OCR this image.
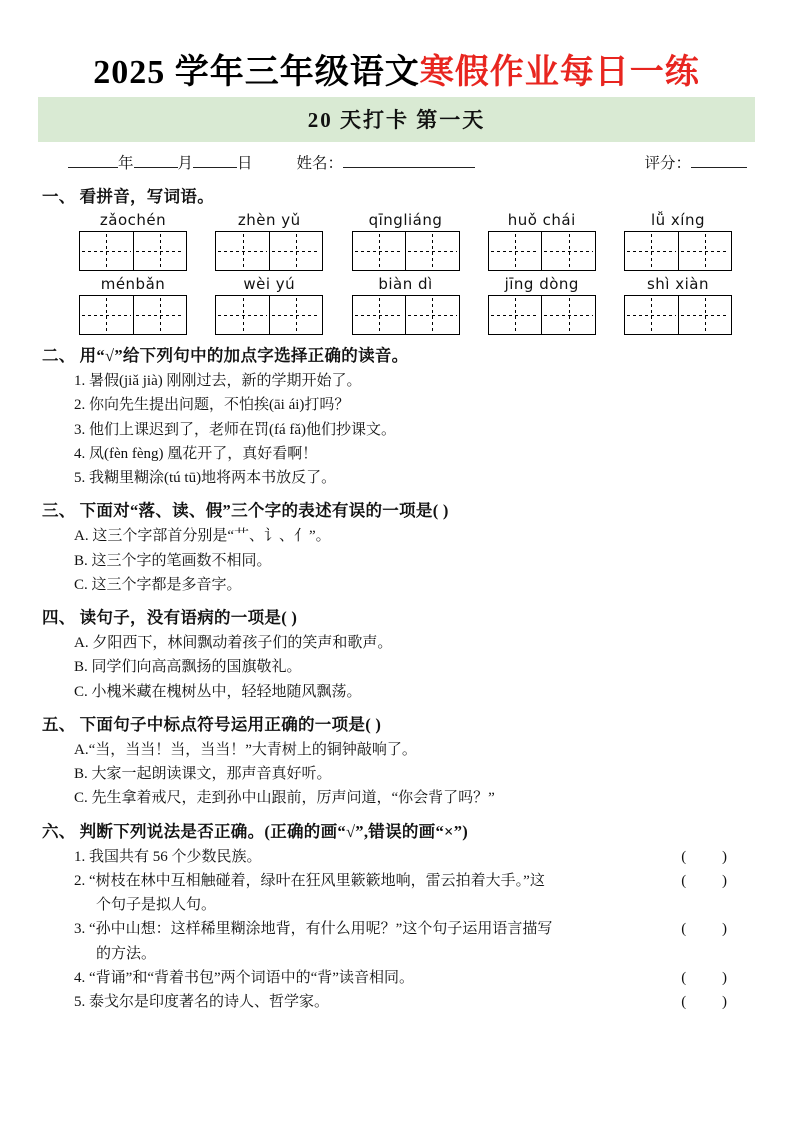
2025 学年三年级语文寒假作业每日一练
20 天打卡 第一天
年	月	日	姓名：	评分：
一、 看拼音，写词语。
zǎochén	zhèn yǔ	qīngliáng	huǒ chái	lǚ xíng
ménbǎn	wèi yú	biàn dì	jīng dòng	shì xiàn
二、 用“√”给下列句中的加点字选择正确的读音。
1. 暑假(jiǎ jià) 刚刚过去，新的学期开始了。
2. 你向先生提出问题，不怕挨(āi ái)打吗？
3. 他们上课迟到了，老师在罚(fá fǎ)他们抄课文。
4. 凤(fèn fèng) 凰花开了，真好看啊！
5. 我糊里糊涂(tú tū)地将两本书放反了。
三、 下面对“落、读、假”三个字的表述有误的一项是( )
A. 这三个字部首分别是“艹、讠、亻”。
B. 这三个字的笔画数不相同。
C. 这三个字都是多音字。
四、 读句子，没有语病的一项是( )
A. 夕阳西下，林间飘动着孩子们的笑声和歌声。
B. 同学们向高高飘扬的国旗敬礼。
C. 小槐米藏在槐树丛中，轻轻地随风飘荡。
五、 下面句子中标点符号运用正确的一项是( )
A.“当，当当！当，当当！”大青树上的铜钟敲响了。
B. 大家一起朗读课文，那声音真好听。
C. 先生拿着戒尺，走到孙中山跟前，厉声问道，“你会背了吗？”
六、 判断下列说法是否正确。(正确的画“√”,错误的画“×”)
1. 我国共有 56 个少数民族。	( )
2. “树枝在林中互相触碰着，绿叶在狂风里簌簌地响，雷云拍着大手。”这	( )
个句子是拟人句。
3. “孙中山想：这样稀里糊涂地背，有什么用呢？”这个句子运用语言描写	( )
的方法。
4. “背诵”和“背着书包”两个词语中的“背”读音相同。	( )
5. 泰戈尔是印度著名的诗人、哲学家。	( )
